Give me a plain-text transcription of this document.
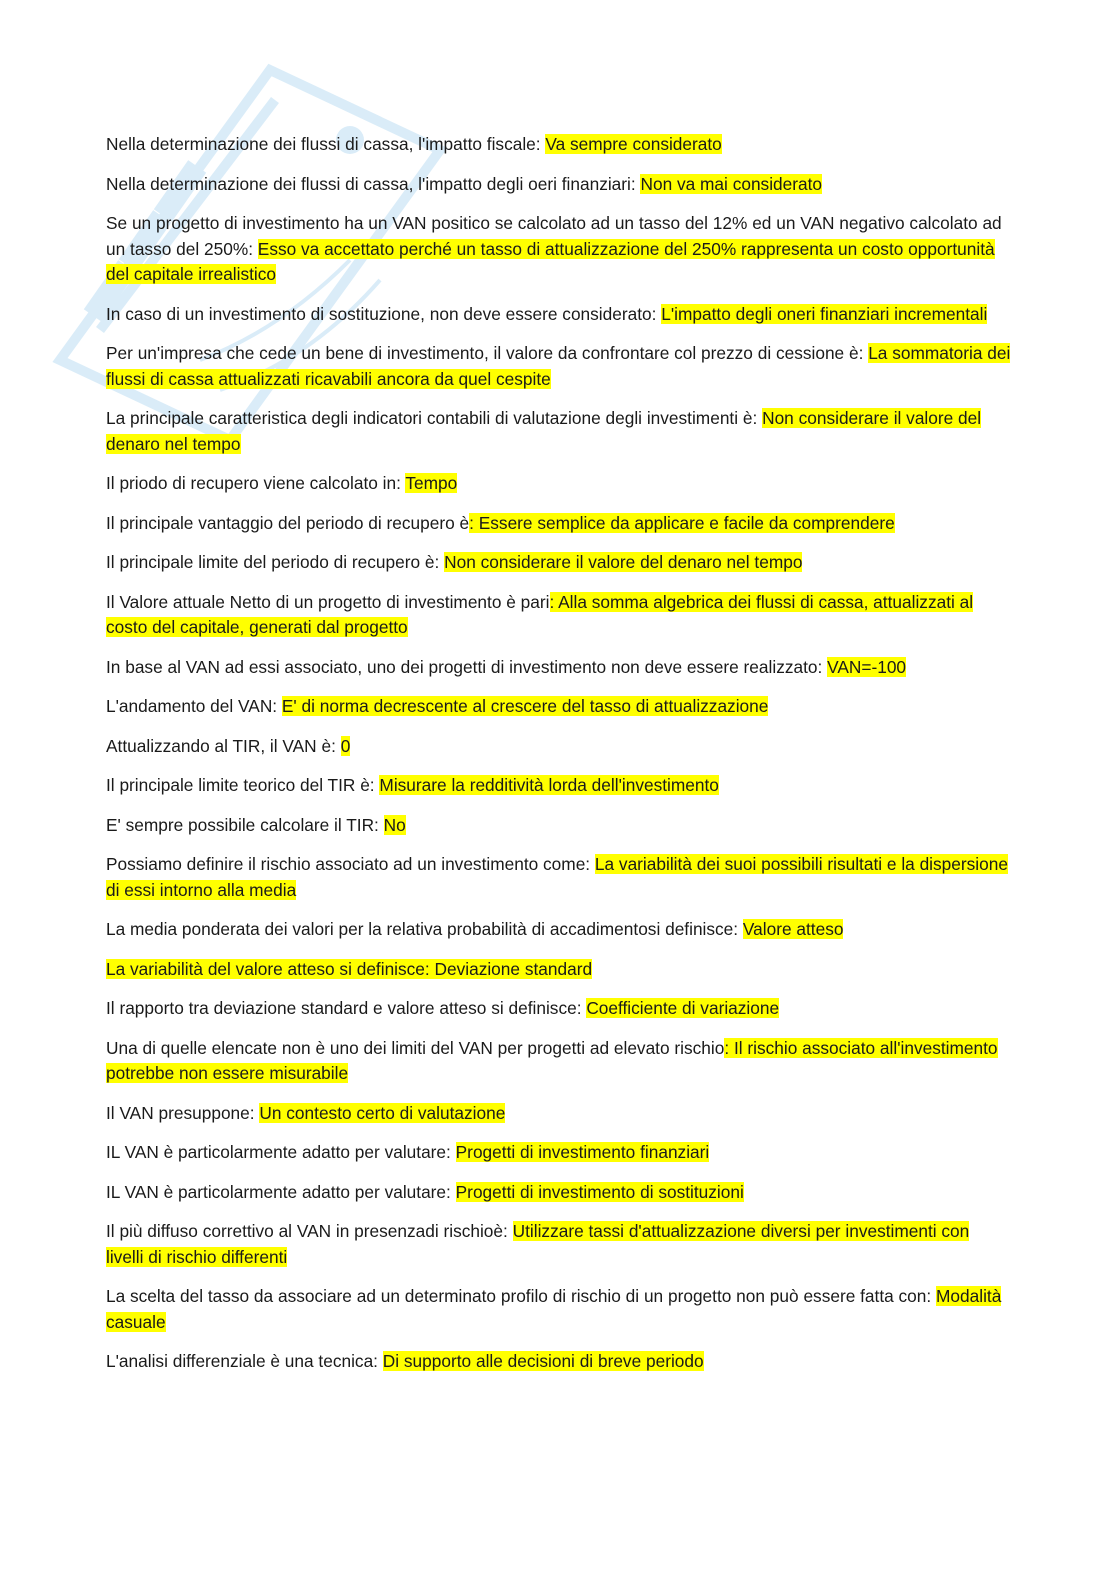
Nella determinazione dei flussi di cassa, l'impatto fiscale: Va sempre considerato

Nella determinazione dei flussi di cassa, l'impatto degli oeri finanziari: Non va mai considerato

Se un progetto di investimento ha un VAN positico se calcolato ad un tasso del 12% ed un VAN negativo calcolato ad un tasso del 250%: Esso va accettato perché un tasso di attualizzazione del 250% rappresenta un costo opportunità del capitale irrealistico

In caso di un investimento di sostituzione, non deve essere considerato: L'impatto degli oneri finanziari incrementali

Per un'impresa che cede un bene di investimento, il valore da confrontare col prezzo di cessione è: La sommatoria dei flussi di cassa attualizzati ricavabili ancora da quel cespite

La principale caratteristica degli indicatori contabili di valutazione degli investimenti è: Non considerare il valore del denaro nel tempo

Il priodo di recupero viene calcolato in: Tempo

Il principale vantaggio del periodo di recupero è: Essere semplice da applicare e facile da comprendere

Il principale limite del periodo di recupero è: Non considerare il valore del denaro nel tempo

Il Valore attuale Netto di un progetto di investimento è pari: Alla somma algebrica dei flussi di cassa, attualizzati al costo del capitale, generati dal progetto

In base al VAN ad essi associato, uno dei progetti di investimento non deve essere realizzato: VAN=-100

L'andamento del VAN: E' di norma decrescente al crescere del tasso di attualizzazione

Attualizzando al TIR, il VAN è: 0

Il principale limite teorico del TIR è: Misurare la redditività lorda dell'investimento

E' sempre possibile calcolare il TIR: No

Possiamo definire il rischio associato ad un investimento come: La variabilità dei suoi possibili risultati e la dispersione di essi intorno alla media

La media ponderata dei valori per la relativa probabilità di accadimentosi definisce: Valore atteso

La variabilità del valore atteso si definisce: Deviazione standard

Il rapporto tra deviazione standard e valore atteso si definisce: Coefficiente di variazione

Una di quelle elencate non è uno dei limiti del VAN per progetti ad elevato rischio: Il rischio associato all'investimento potrebbe non essere misurabile

Il VAN presuppone: Un contesto certo di valutazione

IL VAN è particolarmente adatto per valutare: Progetti di investimento finanziari

IL VAN è particolarmente adatto per valutare: Progetti di investimento di sostituzioni

Il più diffuso correttivo al VAN in presenzadi rischioè: Utilizzare tassi d'attualizzazione diversi per investimenti con livelli di rischio differenti

La scelta del tasso da associare ad un determinato profilo di rischio di un progetto non può essere fatta con: Modalità casuale

L'analisi differenziale è una tecnica: Di supporto alle decisioni di breve periodo
